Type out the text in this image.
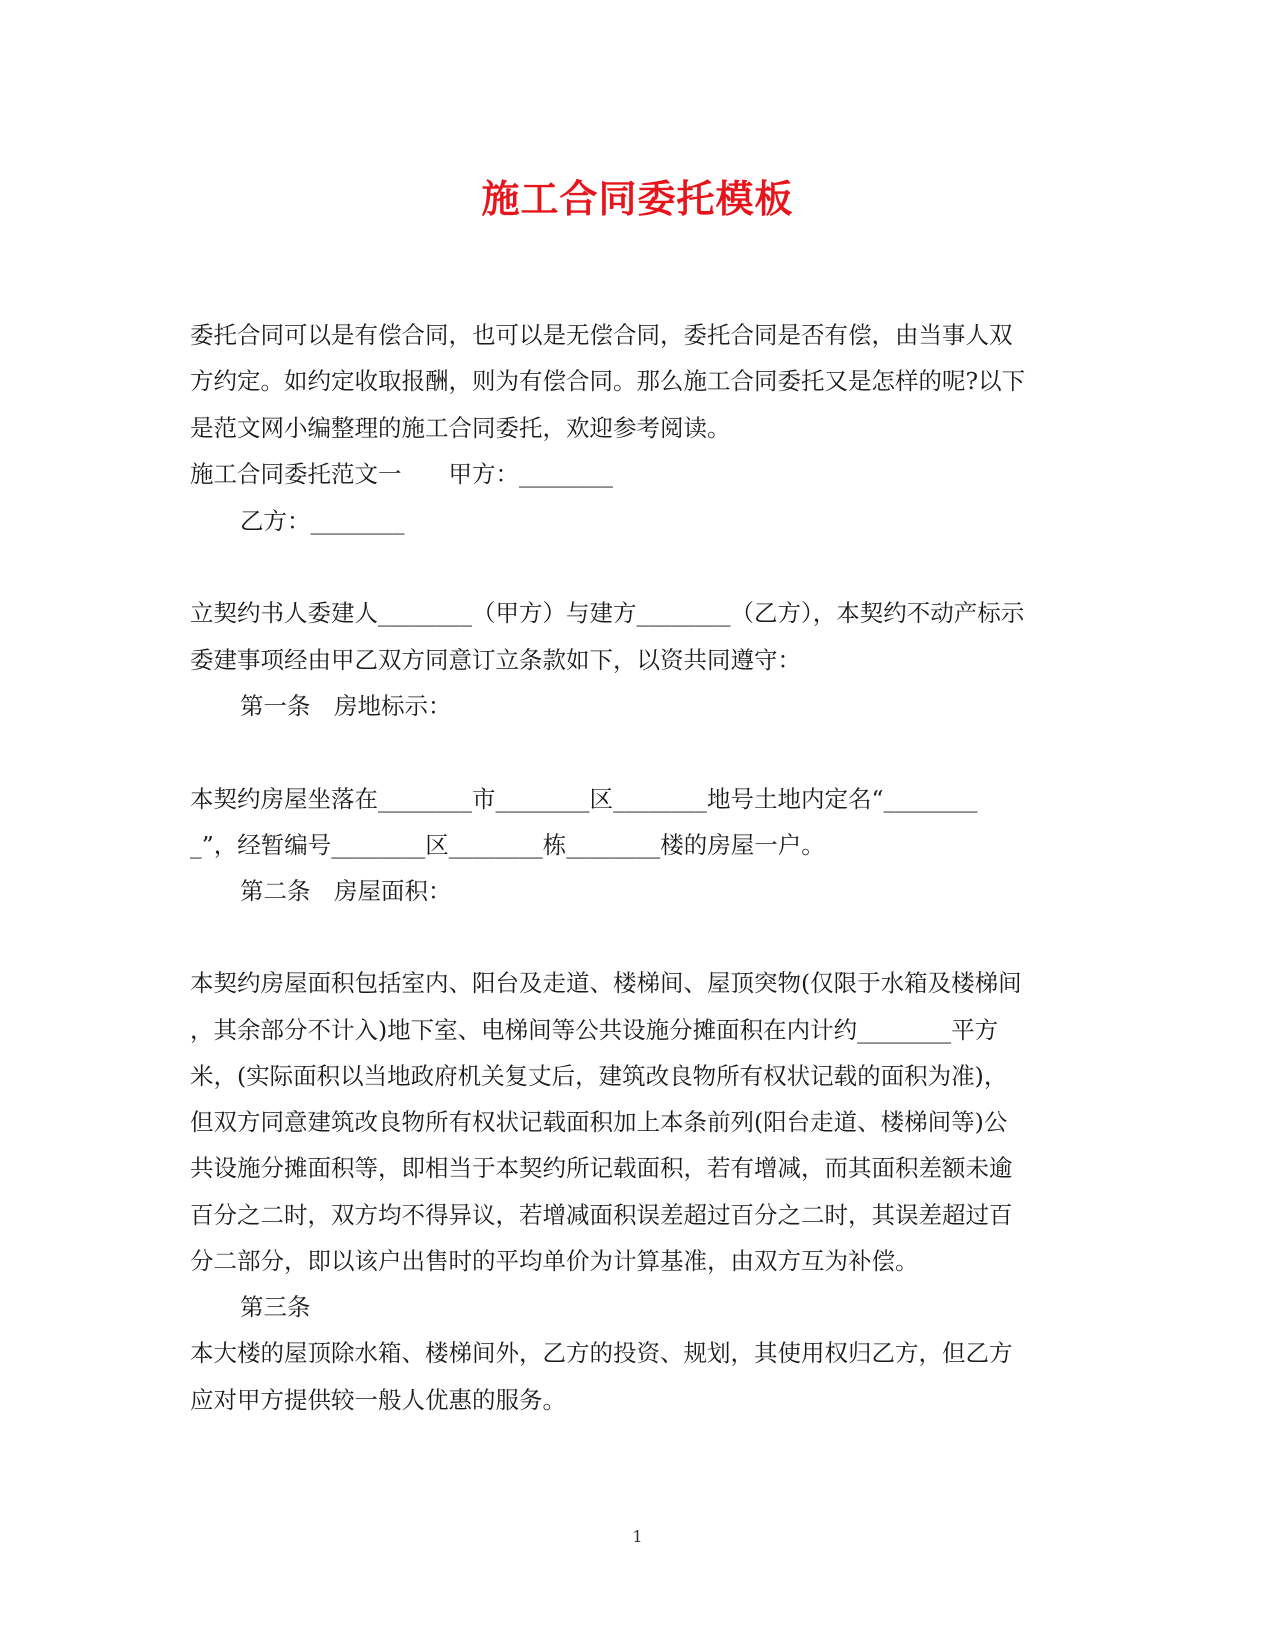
施工合同委托模板
委托合同可以是有偿合同，也可以是无偿合同，委托合同是否有偿，由当事人双
方约定。如约定收取报酬，则为有偿合同。那么施工合同委托又是怎样的呢?以下
是范文网小编整理的施工合同委托，欢迎参考阅读。
施工合同委托范文一　　甲方：________
乙方：________
立契约书人委建人________（甲方）与建方________（乙方），本契约不动产标示
委建事项经由甲乙双方同意订立条款如下，以资共同遵守：
第一条　房地标示：
本契约房屋坐落在________市________区________地号土地内定名“________
_”，经暂编号________区________栋________楼的房屋一户。
第二条　房屋面积：
本契约房屋面积包括室内、阳台及走道、楼梯间、屋顶突物(仅限于水箱及楼梯间
，其余部分不计入)地下室、电梯间等公共设施分摊面积在内计约________平方
米，(实际面积以当地政府机关复丈后，建筑改良物所有权状记载的面积为准)，
但双方同意建筑改良物所有权状记载面积加上本条前列(阳台走道、楼梯间等)公
共设施分摊面积等，即相当于本契约所记载面积，若有增减，而其面积差额未逾
百分之二时，双方均不得异议，若增减面积误差超过百分之二时，其误差超过百
分二部分，即以该户出售时的平均单价为计算基准，由双方互为补偿。
第三条
本大楼的屋顶除水箱、楼梯间外，乙方的投资、规划，其使用权归乙方，但乙方
应对甲方提供较一般人优惠的服务。
1
